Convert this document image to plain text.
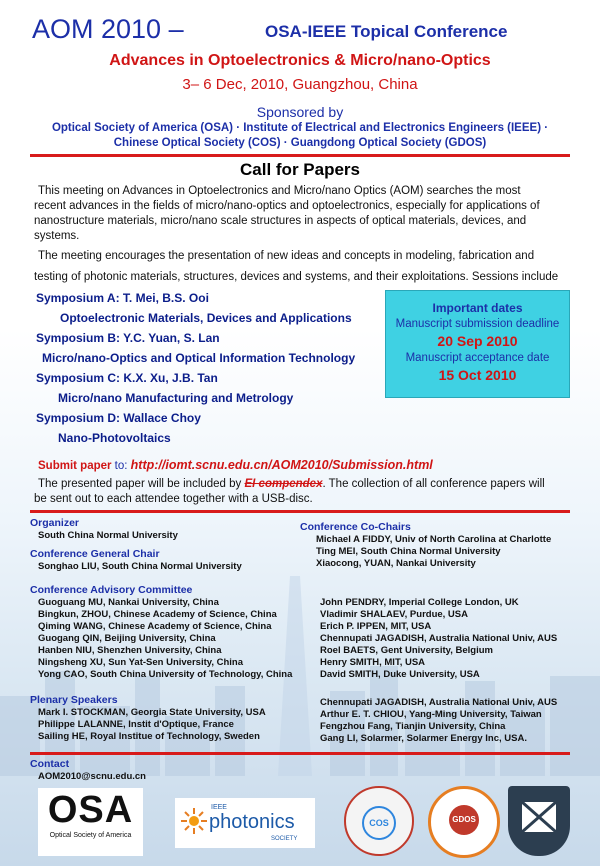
AOM 2010 –	OSA-IEEE Topical Conference
Advances in Optoelectronics & Micro/nano-Optics
3– 6 Dec, 2010, Guangzhou, China
Sponsored by
Optical Society of America (OSA) · Institute of Electrical and Electronics Engineers (IEEE) ·
Chinese Optical Society (COS) · Guangdong Optical Society (GDOS)
Call for Papers
This meeting on Advances in Optoelectronics and Micro/nano Optics (AOM) searches the most
recent advances in the fields of micro/nano-optics and optoelectronics, especially for applications of
nanostructure materials, micro/nano scale structures in aspects of optical materials, devices, and
systems.
The meeting encourages the presentation of new ideas and concepts in modeling, fabrication and
testing of photonic materials, structures, devices and systems, and their exploitations. Sessions include
Symposium A: T. Mei, B.S. Ooi
Optoelectronic Materials, Devices and Applications
Symposium B: Y.C. Yuan, S. Lan
Micro/nano-Optics and Optical Information Technology
Symposium C: K.X. Xu, J.B. Tan
Micro/nano Manufacturing and Metrology
Symposium D: Wallace Choy
Nano-Photovoltaics
Important dates
Manuscript submission deadline
20 Sep 2010
Manuscript acceptance date
15 Oct 2010
Submit paper to: http://iomt.scnu.edu.cn/AOM2010/Submission.html
The presented paper will be included by EI compendex. The collection of all conference papers will
be sent out to each attendee together with a USB-disc.
Organizer
South China Normal University
Conference General Chair
Songhao LIU, South China Normal University
Conference Co-Chairs
Michael A FIDDY, Univ of North Carolina at Charlotte
Ting MEI, South China Normal University
Xiaocong, YUAN, Nankai University
Conference Advisory Committee
Guoguang MU, Nankai University, China
Bingkun, ZHOU, Chinese Academy of Science, China
Qiming WANG, Chinese Academy of Science, China
Guogang QIN, Beijing University, China
Hanben NIU, Shenzhen University, China
Ningsheng XU, Sun Yat-Sen University, China
Yong CAO, South China University of Technology, China
John PENDRY, Imperial College London, UK
Vladimir SHALAEV, Purdue, USA
Erich P. IPPEN, MIT, USA
Chennupati JAGADISH, Australia National Univ, AUS
Roel BAETS, Gent University, Belgium
Henry SMITH, MIT, USA
David SMITH, Duke University, USA
Plenary Speakers
Mark I. STOCKMAN, Georgia State University, USA
Philippe LALANNE, Instit d'Optique, France
Sailing HE, Royal Institue of Technology, Sweden
Chennupati JAGADISH, Australia National Univ, AUS
Arthur E. T. CHIOU, Yang-Ming University, Taiwan
Fengzhou Fang, Tianjin University, China
Gang LI, Solarmer, Solarmer Energy Inc, USA.
Contact
AOM2010@scnu.edu.cn
OSA
Optical Society of America
IEEE
photonics
SOCIETY
COS	GDOS
